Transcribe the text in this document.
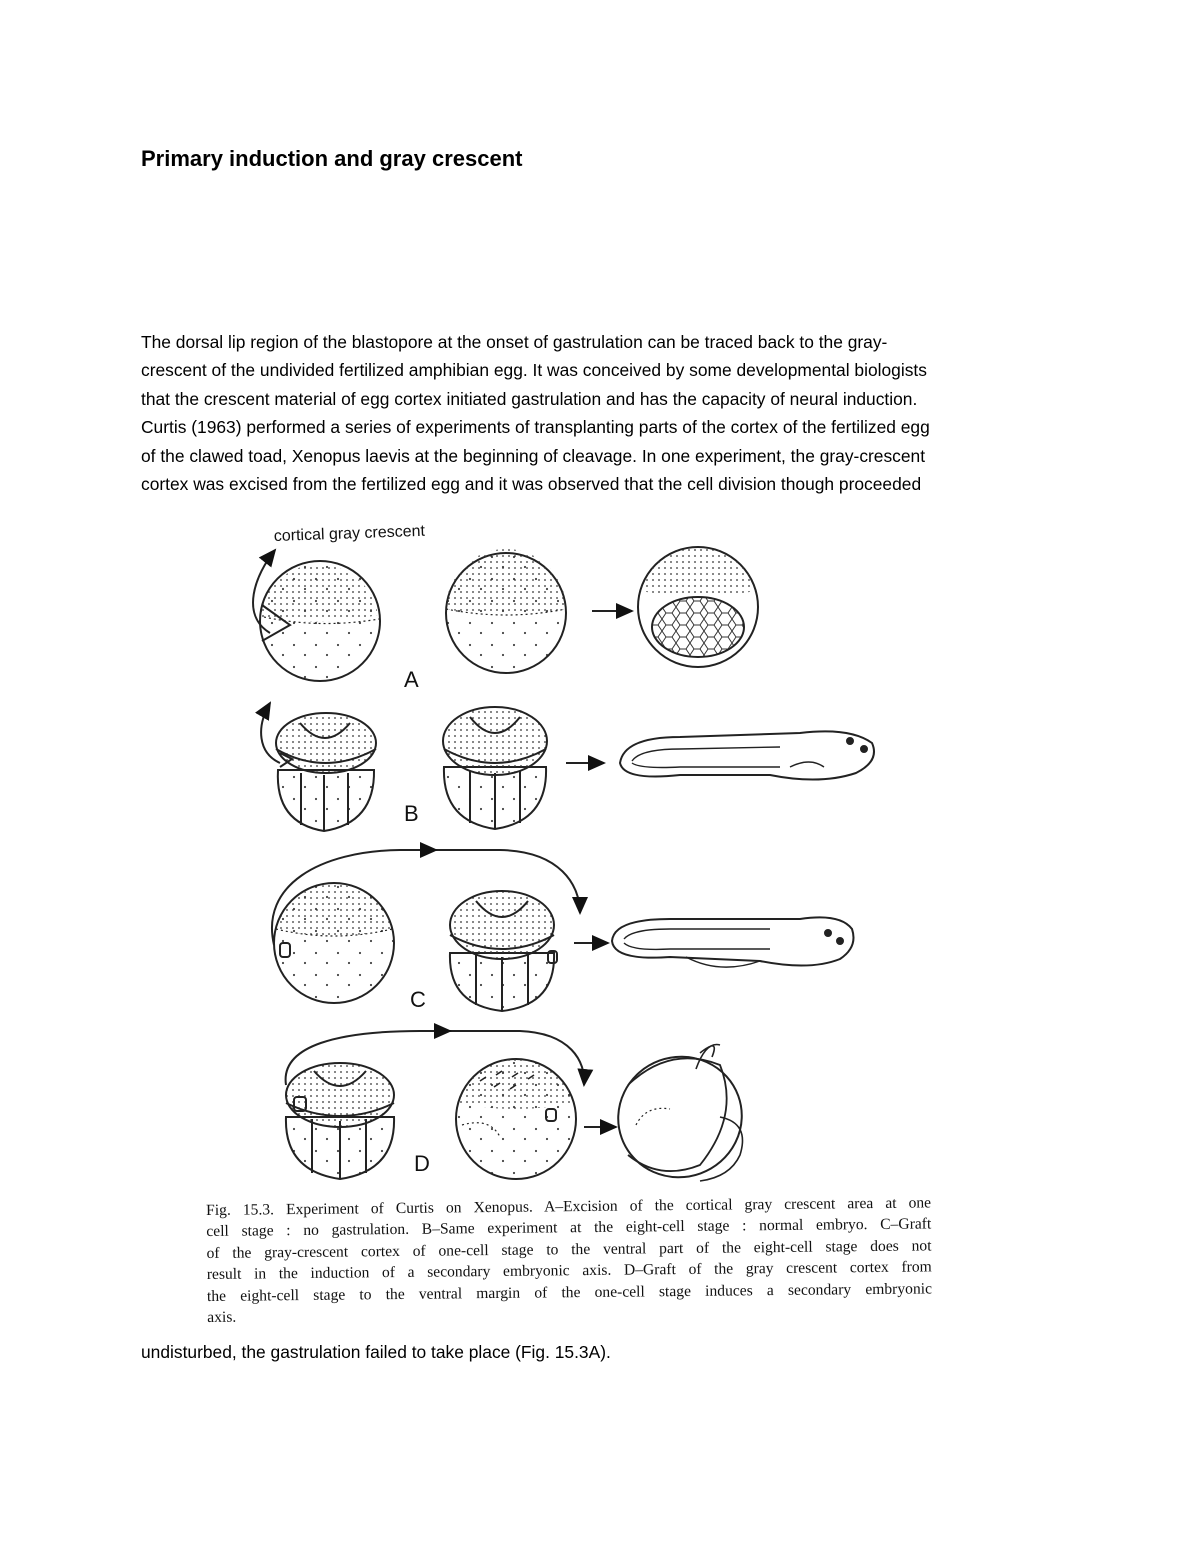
Primary induction and gray crescent

The dorsal lip region of the blastopore at the onset of gastrulation can be traced back to the gray-
crescent of the undivided fertilized amphibian egg. It was conceived by some developmental biologists
that the crescent material of egg cortex initiated gastrulation and has the capacity of neural induction.
Curtis (1963) performed a series of experiments of transplanting parts of the cortex of the fertilized egg
of the clawed toad, Xenopus laevis at the beginning of cleavage. In one experiment, the gray-crescent
cortex was excised from the fertilized egg and it was observed that the cell division though proceeded

cortical gray crescent
A
B
C
D

Fig. 15.3. Experiment of Curtis on Xenopus. A–Excision of the cortical gray crescent area at one
cell stage : no gastrulation. B–Same experiment at the eight-cell stage : normal embryo. C–Graft
of the gray-crescent cortex of one-cell stage to the ventral part of the eight-cell stage does not
result in the induction of a secondary embryonic axis. D–Graft of the gray crescent cortex from
the eight-cell stage to the ventral margin of the one-cell stage induces a secondary embryonic
axis.

undisturbed, the gastrulation failed to take place (Fig. 15.3A).
